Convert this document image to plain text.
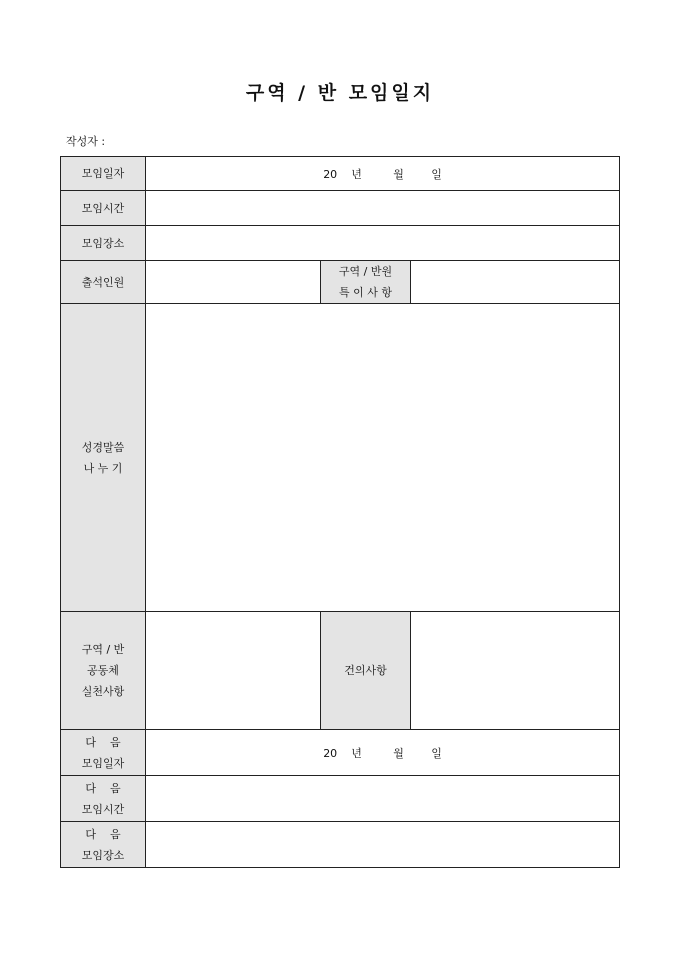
구역 / 반 모임일지
작성자 :
모임일자	20 년 월 일		
모임시간			
모임장소			
출석인원		구역 / 반원
특 이 사 항	

성경말씀
나 누 기			

구역 / 반
공동체
실천사항		건의사항	

다    음
모임일자	20 년 월 일		

다    음
모임시간			

다    음
모임장소			
